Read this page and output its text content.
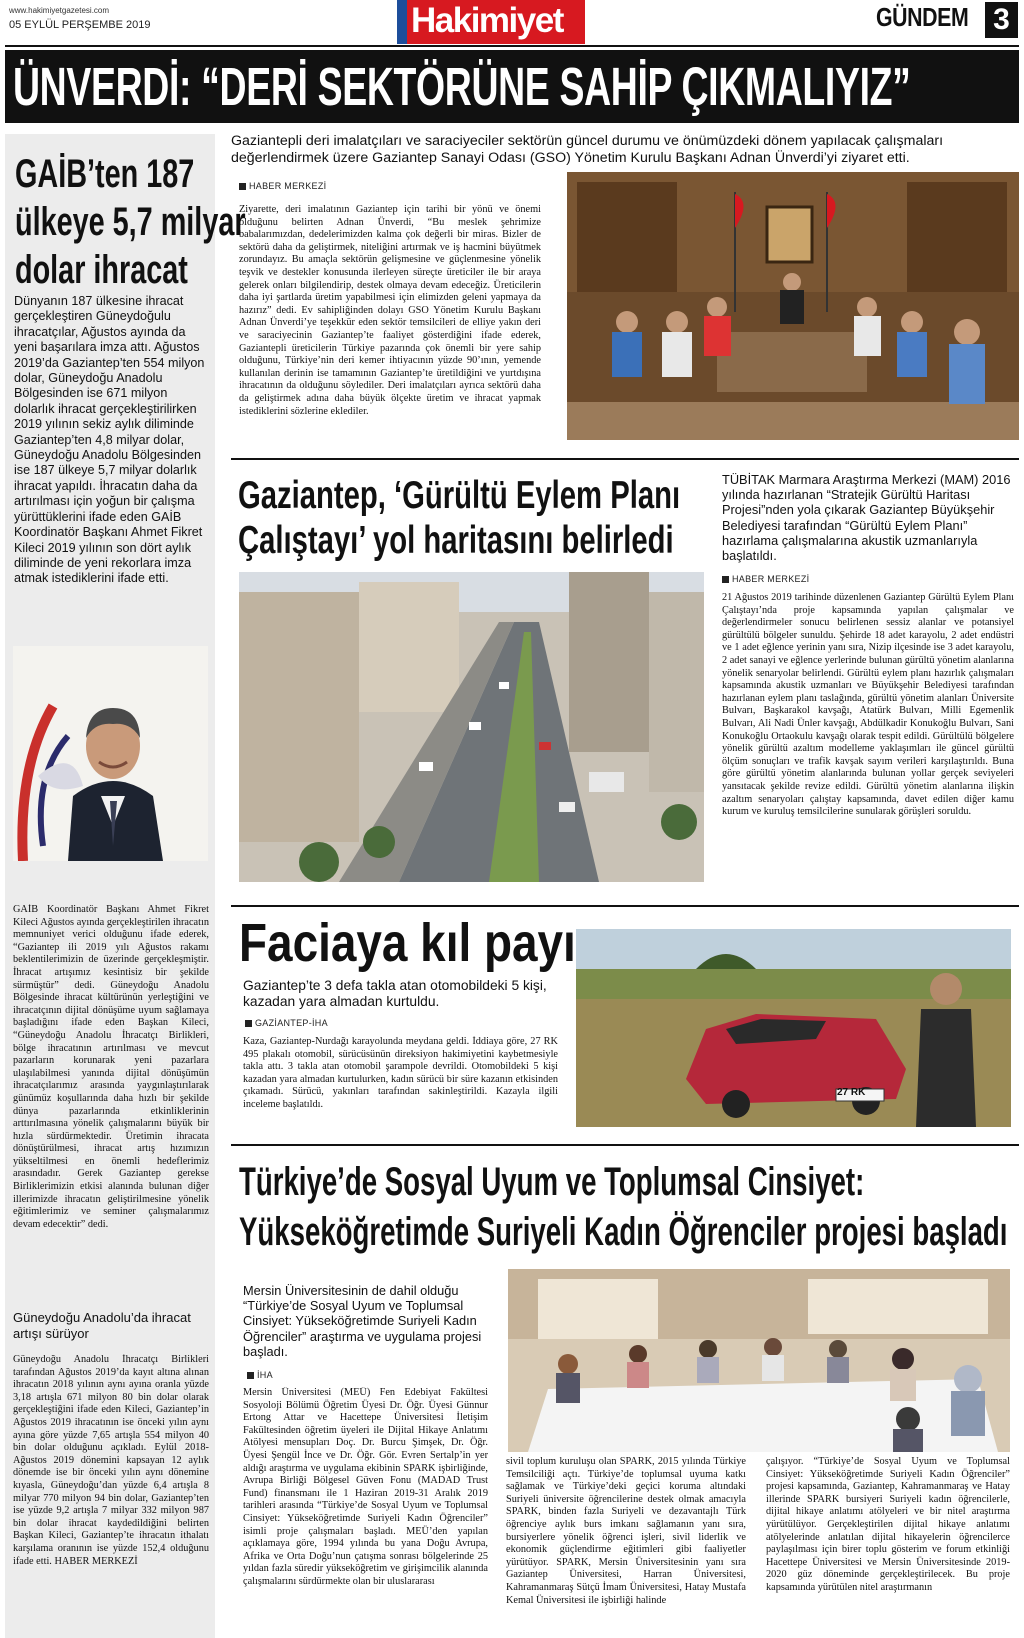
www.hakimiyetgazetesi.com
05 EYLÜL PERŞEMBE 2019	Hakimiyet	GÜNDEM 3
ÜNVERDİ: “DERİ SEKTÖRÜNE SAHİP ÇIKMALIYIZ”
GAİB’ten 187
ülkeye 5,7 milyar
dolar ihracat
Dünyanın 187 ülkesine ihracat gerçekleştiren Güneydoğulu ihracatçılar, Ağustos ayında da yeni başarılara imza attı. Ağustos 2019’da Gaziantep’ten 554 milyon dolar, Güneydoğu Anadolu Bölgesinden ise 671 milyon dolarlık ihracat gerçekleştirilirken 2019 yılının sekiz aylık diliminde Gaziantep’ten 4,8 milyar dolar, Güneydoğu Anadolu Bölgesinden ise 187 ülkeye 5,7 milyar dolarlık ihracat yapıldı. İhracatın daha da artırılması için yoğun bir çalışma yürüttüklerini ifade eden GAİB Koordinatör Başkanı Ahmet Fikret Kileci 2019 yılının son dört aylık diliminde de yeni rekorlara imza atmak istediklerini ifade etti.
GAİB Koordinatör Başkanı Ahmet Fikret Kileci Ağustos ayında gerçekleştirilen ihracatın memnuniyet verici olduğunu ifade ederek, “Gaziantep ili 2019 yılı Ağustos rakamı beklentilerimizin de üzerinde gerçekleşmiştir. İhracat artışımız kesintisiz bir şekilde sürmüştür” dedi. Güneydoğu Anadolu Bölgesinde ihracat kültürünün yerleştiğini ve ihracatçının dijital dönüşüme uyum sağlamaya başladığını ifade eden Başkan Kileci, “Güneydoğu Anadolu İhracatçı Birlikleri, bölge ihracatının artırılması ve mevcut pazarların korunarak yeni pazarlara ulaşılabilmesi yanında dijital dönüşümün ihracatçılarımız arasında yaygınlaştırılarak günümüz koşullarında daha hızlı bir şekilde dünya pazarlarında etkinliklerinin arttırılmasına yönelik çalışmalarını büyük bir hızla sürdürmektedir. Üretimin ihracata dönüştürülmesi, ihracat artış hızımızın yükseltilmesi en önemli hedeflerimiz arasındadır. Gerek Gaziantep gerekse Birliklerimizin etkisi alanında bulunan diğer illerimizde ihracatın geliştirilmesine yönelik eğitimlerimiz ve seminer çalışmalarımız devam edecektir” dedi.
Güneydoğu Anadolu’da ihracat artışı sürüyor
Güneydoğu Anadolu İhracatçı Birlikleri tarafından Ağustos 2019’da kayıt altına alınan ihracatın 2018 yılının aynı ayına oranla yüzde 3,18 artışla 671 milyon 80 bin dolar olarak gerçekleştiğini ifade eden Kileci, Gaziantep’in Ağustos 2019 ihracatının ise önceki yılın aynı ayına göre yüzde 7,65 artışla 554 milyon 40 bin dolar olduğunu açıkladı. Eylül 2018-Ağustos 2019 dönemini kapsayan 12 aylık dönemde ise bir önceki yılın aynı dönemine kıyasla, Güneydoğu’dan yüzde 6,4 artışla 8 milyar 770 milyon 94 bin dolar, Gaziantep’ten ise yüzde 9,2 artışla 7 milyar 332 milyon 987 bin dolar ihracat kaydedildiğini belirten Başkan Kileci, Gaziantep’te ihracatın ithalatı karşılama oranının ise yüzde 152,4 olduğunu ifade etti. HABER MERKEZİ
Gaziantepli deri imalatçıları ve saraciyeciler sektörün güncel durumu ve önümüzdeki dönem yapılacak çalışmaları değerlendirmek üzere Gaziantep Sanayi Odası (GSO) Yönetim Kurulu Başkanı Adnan Ünverdi’yi ziyaret etti.
HABER MERKEZİ
Ziyarette, deri imalatının Gaziantep için tarihi bir yönü ve önemi olduğunu belirten Adnan Ünverdi, “Bu meslek şehrimize babalarımızdan, dedelerimizden kalma çok değerli bir miras. Bizler de sektörü daha da geliştirmek, niteliğini artırmak ve iş hacmini büyütmek zorundayız. Bu amaçla sektörün gelişmesine ve güçlenmesine yönelik teşvik ve destekler konusunda ilerleyen süreçte üreticiler ile bir araya gelerek onları bilgilendirip, destek olmaya devam edeceğiz. Üreticilerin daha iyi şartlarda üretim yapabilmesi için elimizden geleni yapmaya da hazırız” dedi. Ev sahipliğinden dolayı GSO Yönetim Kurulu Başkanı Adnan Ünverdi’ye teşekkür eden sektör temsilcileri de elliye yakın deri ve saraciyecinin Gaziantep’te faaliyet gösterdiğini ifade ederek, Gaziantepli üreticilerin Türkiye pazarında çok önemli bir yere sahip olduğunu, Türkiye’nin deri kemer ihtiyacının yüzde 90’ının, yemende kullanılan derinin ise tamamının Gaziantep’te üretildiğini ve yurtdışına ihracatının da olduğunu söylediler. Deri imalatçıları ayrıca sektörü daha da geliştirmek adına daha büyük ölçekte üretim ve ihracat yapmak istediklerini sözlerine eklediler.
Gaziantep, ‘Gürültü Eylem Planı
Çalıştayı’ yol haritasını belirledi
TÜBİTAK Marmara Araştırma Merkezi (MAM) 2016 yılında hazırlanan “Stratejik Gürültü Haritası Projesi”nden yola çıkarak Gaziantep Büyükşehir Belediyesi tarafından “Gürültü Eylem Planı” hazırlama çalışmalarına akustik uzmanlarıyla başlatıldı.
HABER MERKEZİ
21 Ağustos 2019 tarihinde düzenlenen Gaziantep Gürültü Eylem Planı Çalıştayı’nda proje kapsamında yapılan çalışmalar ve değerlendirmeler sonucu belirlenen sessiz alanlar ve potansiyel gürültülü bölgeler sunuldu. Şehirde 18 adet karayolu, 2 adet endüstri ve 1 adet eğlence yerinin yanı sıra, Nizip ilçesinde ise 3 adet karayolu, 2 adet sanayi ve eğlence yerlerinde bulunan gürültü yönetim alanlarına yönelik senaryolar belirlendi. Gürültü eylem planı hazırlık çalışmaları kapsamında akustik uzmanları ve Büyükşehir Belediyesi tarafından hazırlanan eylem planı taslağında, gürültü yönetim alanları Üniversite Bulvarı, Başkarakol kavşağı, Atatürk Bulvarı, Milli Egemenlik Bulvarı, Ali Nadi Ünler kavşağı, Abdülkadir Konukoğlu Bulvarı, Sani Konukoğlu Ortaokulu kavşağı olarak tespit edildi. Gürültülü bölgelere yönelik gürültü azaltım modelleme yaklaşımları ile güncel gürültü ölçüm sonuçları ve trafik kavşak sayım verileri karşılaştırıldı. Buna göre gürültü yönetim alanlarında bulunan yollar gerçek seviyeleri yansıtacak şekilde revize edildi. Gürültü yönetim alanlarına ilişkin azaltım senaryoları çalıştay kapsamında, davet edilen diğer kamu kurum ve kuruluş temsilcilerine sunularak görüşleri soruldu.
Faciaya kıl payı
Gaziantep’te 3 defa takla atan otomobildeki 5 kişi, kazadan yara almadan kurtuldu.
GAZİANTEP-İHA
Kaza, Gaziantep-Nurdağı karayolunda meydana geldi. İddiaya göre, 27 RK 495 plakalı otomobil, sürücüsünün direksiyon hakimiyetini kaybetmesiyle takla attı. 3 takla atan otomobil şarampole devrildi. Otomobildeki 5 kişi kazadan yara almadan kurtulurken, kadın sürücü bir süre kazanın etkisinden çıkamadı. Sürücü, yakınları tarafından sakinleştirildi. Kazayla ilgili inceleme başlatıldı.
27 RK
Türkiye’de Sosyal Uyum ve Toplumsal Cinsiyet:
Yükseköğretimde Suriyeli Kadın Öğrenciler projesi başladı
Mersin Üniversitesinin de dahil olduğu “Türkiye’de Sosyal Uyum ve Toplumsal Cinsiyet: Yükseköğretimde Suriyeli Kadın Öğrenciler” araştırma ve uygulama projesi başladı.
İHA
Mersin Üniversitesi (MEÜ) Fen Edebiyat Fakültesi Sosyoloji Bölümü Öğretim Üyesi Dr. Öğr. Üyesi Günnur Ertong Attar ve Hacettepe Üniversitesi İletişim Fakültesinden öğretim üyeleri ile Dijital Hikaye Anlatımı Atölyesi mensupları Doç. Dr. Burcu Şimşek, Dr. Öğr. Üyesi Şengül İnce ve Dr. Öğr. Gör. Evren Sertalp’in yer aldığı araştırma ve uygulama ekibinin SPARK işbirliğinde, Avrupa Birliği Bölgesel Güven Fonu (MADAD Trust Fund) finansmanı ile 1 Haziran 2019-31 Aralık 2019 tarihleri arasında “Türkiye’de Sosyal Uyum ve Toplumsal Cinsiyet: Yükseköğretimde Suriyeli Kadın Öğrenciler” isimli proje çalışmaları başladı. MEÜ’den yapılan açıklamaya göre, 1994 yılında bu yana Doğu Avrupa, Afrika ve Orta Doğu’nun çatışma sonrası bölgelerinde 25 yıldan fazla süredir yükseköğretim ve girişimcilik alanında çalışmalarını sürdürmekte olan bir uluslararası
sivil toplum kuruluşu olan SPARK, 2015 yılında Türkiye Temsilciliği açtı. Türkiye’de toplumsal uyuma katkı sağlamak ve Türkiye’deki geçici koruma altındaki Suriyeli üniversite öğrencilerine destek olmak amacıyla SPARK, binden fazla Suriyeli ve dezavantajlı Türk öğrenciye aylık burs imkanı sağlamanın yanı sıra, bursiyerlere yönelik öğrenci işleri, sivil liderlik ve ekonomik güçlendirme eğitimleri gibi faaliyetler yürütüyor. SPARK, Mersin Üniversitesinin yanı sıra Gaziantep Üniversitesi, Harran Üniversitesi, Kahramanmaraş Sütçü İmam Üniversitesi, Hatay Mustafa Kemal Üniversitesi ile işbirliği halinde
çalışıyor. “Türkiye’de Sosyal Uyum ve Toplumsal Cinsiyet: Yükseköğretimde Suriyeli Kadın Öğrenciler” projesi kapsamında, Gaziantep, Kahramanmaraş ve Hatay illerinde SPARK bursiyeri Suriyeli kadın öğrencilerle, dijital hikaye anlatımı atölyeleri ve bir nitel araştırma yürütülüyor. Gerçekleştirilen dijital hikaye anlatımı atölyelerinde anlatılan dijital hikayelerin öğrencilerce paylaşılması için birer toplu gösterim ve forum etkinliği Hacettepe Üniversitesi ve Mersin Üniversitesinde 2019-2020 güz döneminde gerçekleştirilecek. Bu proje kapsamında yürütülen nitel araştırmanın
